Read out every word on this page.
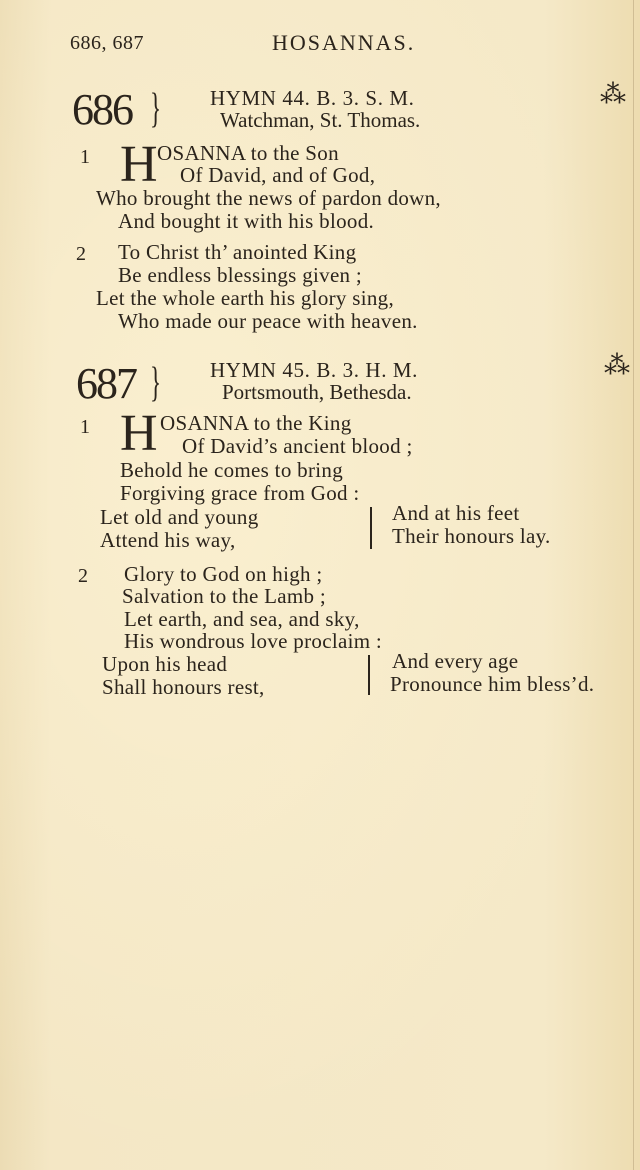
686, 687	HOSANNAS.
686 } HYMN 44. B. 3. S. M.
Watchman, St. Thomas.
⁂
1 H OSANNA to the Son
Of David, and of God,
Who brought the news of pardon down,
And bought it with his blood.
2 To Christ th’ anointed King
Be endless blessings given ;
Let the whole earth his glory sing,
Who made our peace with heaven.
687 } HYMN 45. B. 3. H. M.
Portsmouth, Bethesda.
⁂
1 H OSANNA to the King
Of David’s ancient blood ;
Behold he comes to bring
Forgiving grace from God :
Let old and young
Attend his way,
And at his feet
Their honours lay.
2 Glory to God on high ;
Salvation to the Lamb ;
Let earth, and sea, and sky,
His wondrous love proclaim :
Upon his head
Shall honours rest,
And every age
Pronounce him bless’d.
